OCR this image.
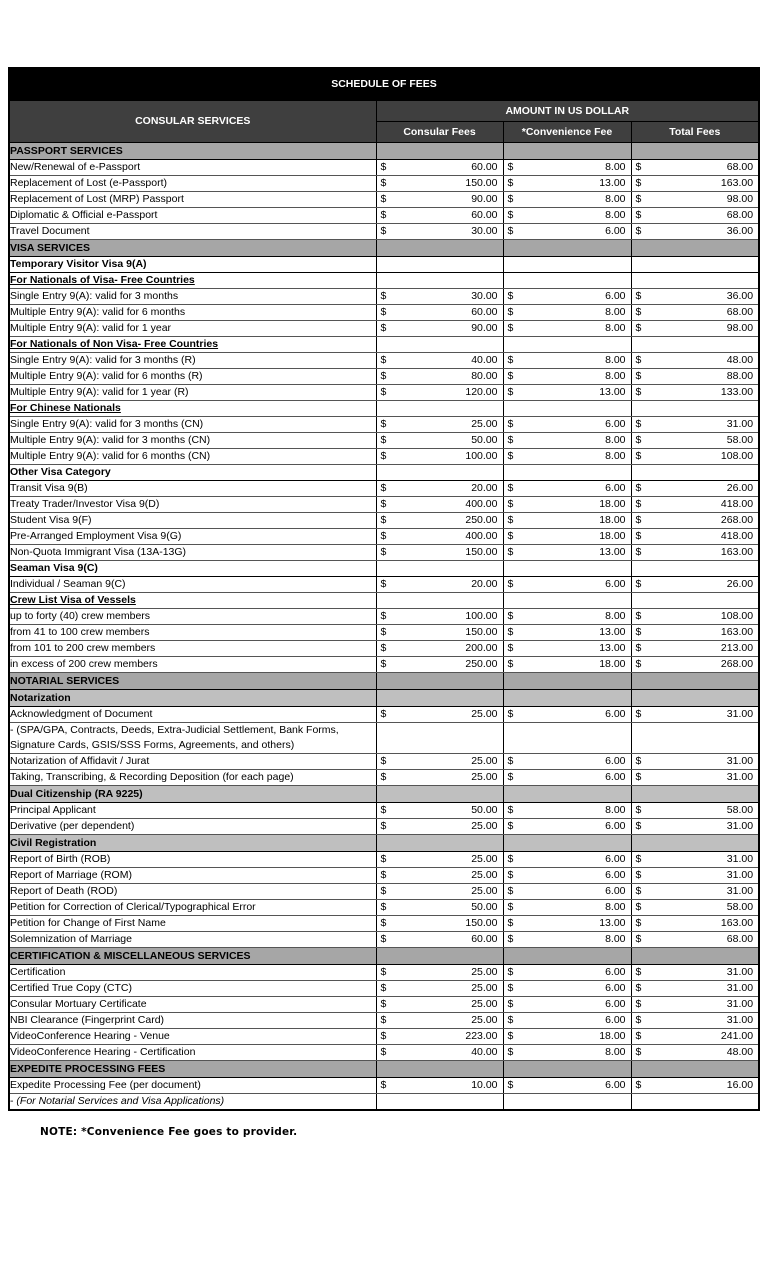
SCHEDULE OF FEES			
CONSULAR SERVICES	AMOUNT IN US DOLLAR		
	Consular Fees	*Convenience Fee	Total Fees
PASSPORT SERVICES			
New/Renewal of e-Passport	$ 60.00	$ 8.00	$ 68.00

Replacement of Lost (e-Passport)	$ 150.00	$ 13.00	$ 163.00

Replacement of Lost (MRP) Passport	$ 90.00	$ 8.00	$ 98.00

Diplomatic & Official e-Passport	$ 60.00	$ 8.00	$ 68.00

Travel Document	$ 30.00	$ 6.00	$ 36.00

VISA SERVICES			
Temporary Visitor Visa 9(A)			
For Nationals of Visa- Free Countries			
Single Entry 9(A): valid for 3 months	$ 30.00	$ 6.00	$ 36.00

Multiple Entry 9(A): valid for 6 months	$ 60.00	$ 8.00	$ 68.00

Multiple Entry 9(A): valid for 1 year	$ 90.00	$ 8.00	$ 98.00

For Nationals of Non Visa- Free Countries			
Single Entry 9(A): valid for 3 months (R)	$ 40.00	$ 8.00	$ 48.00

Multiple Entry 9(A): valid for 6 months (R)	$ 80.00	$ 8.00	$ 88.00

Multiple Entry 9(A): valid for 1 year (R)	$ 120.00	$ 13.00	$ 133.00

For Chinese Nationals			
Single Entry 9(A): valid for 3 months (CN)	$ 25.00	$ 6.00	$ 31.00

Multiple Entry 9(A): valid for 3 months (CN)	$ 50.00	$ 8.00	$ 58.00

Multiple Entry 9(A): valid for 6 months (CN)	$ 100.00	$ 8.00	$ 108.00

Other Visa Category			
Transit Visa 9(B)	$ 20.00	$ 6.00	$ 26.00

Treaty Trader/Investor Visa 9(D)	$ 400.00	$ 18.00	$ 418.00

Student Visa 9(F)	$ 250.00	$ 18.00	$ 268.00

Pre-Arranged Employment Visa 9(G)	$ 400.00	$ 18.00	$ 418.00

Non-Quota Immigrant Visa (13A-13G)	$ 150.00	$ 13.00	$ 163.00

Seaman Visa 9(C)			
Individual / Seaman 9(C)	$ 20.00	$ 6.00	$ 26.00

Crew List Visa of Vessels			
up to forty (40) crew members	$ 100.00	$ 8.00	$ 108.00

from 41 to 100 crew members	$ 150.00	$ 13.00	$ 163.00

from 101 to 200 crew members	$ 200.00	$ 13.00	$ 213.00

in excess of 200 crew members	$ 250.00	$ 18.00	$ 268.00

NOTARIAL SERVICES			
Notarization			
Acknowledgment of Document	$ 25.00	$ 6.00	$ 31.00

- (SPA/GPA, Contracts, Deeds, Extra-Judicial Settlement, Bank Forms, Signature Cards, GSIS/SSS Forms, Agreements, and others)			
Notarization of Affidavit / Jurat	$ 25.00	$ 6.00	$ 31.00

Taking, Transcribing, & Recording Deposition (for each page)	$ 25.00	$ 6.00	$ 31.00

Dual Citizenship (RA 9225)			
Principal Applicant	$ 50.00	$ 8.00	$ 58.00

Derivative (per dependent)	$ 25.00	$ 6.00	$ 31.00

Civil Registration			
Report of Birth (ROB)	$ 25.00	$ 6.00	$ 31.00

Report of Marriage (ROM)	$ 25.00	$ 6.00	$ 31.00

Report of Death (ROD)	$ 25.00	$ 6.00	$ 31.00

Petition for Correction of Clerical/Typographical Error	$ 50.00	$ 8.00	$ 58.00

Petition for Change of First Name	$ 150.00	$ 13.00	$ 163.00

Solemnization of Marriage	$ 60.00	$ 8.00	$ 68.00

CERTIFICATION & MISCELLANEOUS SERVICES			
Certification	$ 25.00	$ 6.00	$ 31.00

Certified True Copy (CTC)	$ 25.00	$ 6.00	$ 31.00

Consular Mortuary Certificate	$ 25.00	$ 6.00	$ 31.00

NBI Clearance (Fingerprint Card)	$ 25.00	$ 6.00	$ 31.00

VideoConference Hearing - Venue	$ 223.00	$ 18.00	$ 241.00

VideoConference Hearing - Certification	$ 40.00	$ 8.00	$ 48.00

EXPEDITE PROCESSING FEES			
Expedite Processing Fee (per document)	$ 10.00	$ 6.00	$ 16.00

- (For Notarial Services and Visa Applications)			
NOTE: *Convenience Fee goes to provider.
